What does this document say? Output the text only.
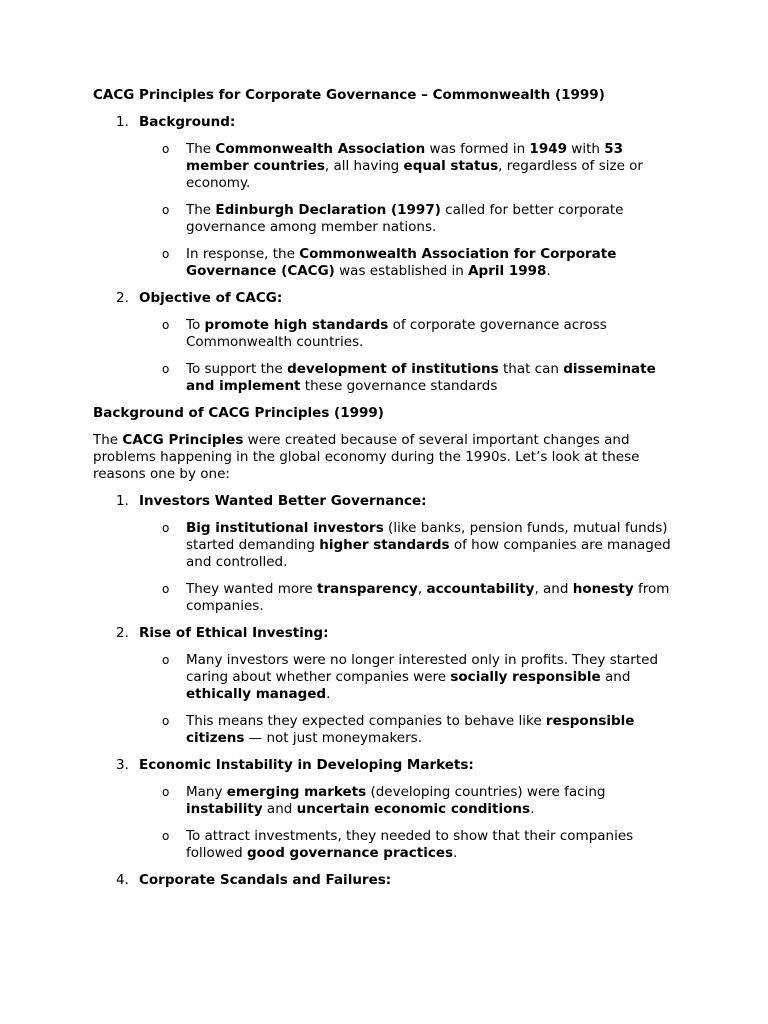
CACG Principles for Corporate Governance – Commonwealth (1999)

1. Background:
o The Commonwealth Association was formed in 1949 with 53 member countries, all having equal status, regardless of size or economy.
o The Edinburgh Declaration (1997) called for better corporate governance among member nations.
o In response, the Commonwealth Association for Corporate Governance (CACG) was established in April 1998.
2. Objective of CACG:
o To promote high standards of corporate governance across Commonwealth countries.
o To support the development of institutions that can disseminate and implement these governance standards

Background of CACG Principles (1999)

The CACG Principles were created because of several important changes and problems happening in the global economy during the 1990s. Let’s look at these reasons one by one:

1. Investors Wanted Better Governance:
o Big institutional investors (like banks, pension funds, mutual funds) started demanding higher standards of how companies are managed and controlled.
o They wanted more transparency, accountability, and honesty from companies.
2. Rise of Ethical Investing:
o Many investors were no longer interested only in profits. They started caring about whether companies were socially responsible and ethically managed.
o This means they expected companies to behave like responsible citizens — not just moneymakers.
3. Economic Instability in Developing Markets:
o Many emerging markets (developing countries) were facing instability and uncertain economic conditions.
o To attract investments, they needed to show that their companies followed good governance practices.
4. Corporate Scandals and Failures:
